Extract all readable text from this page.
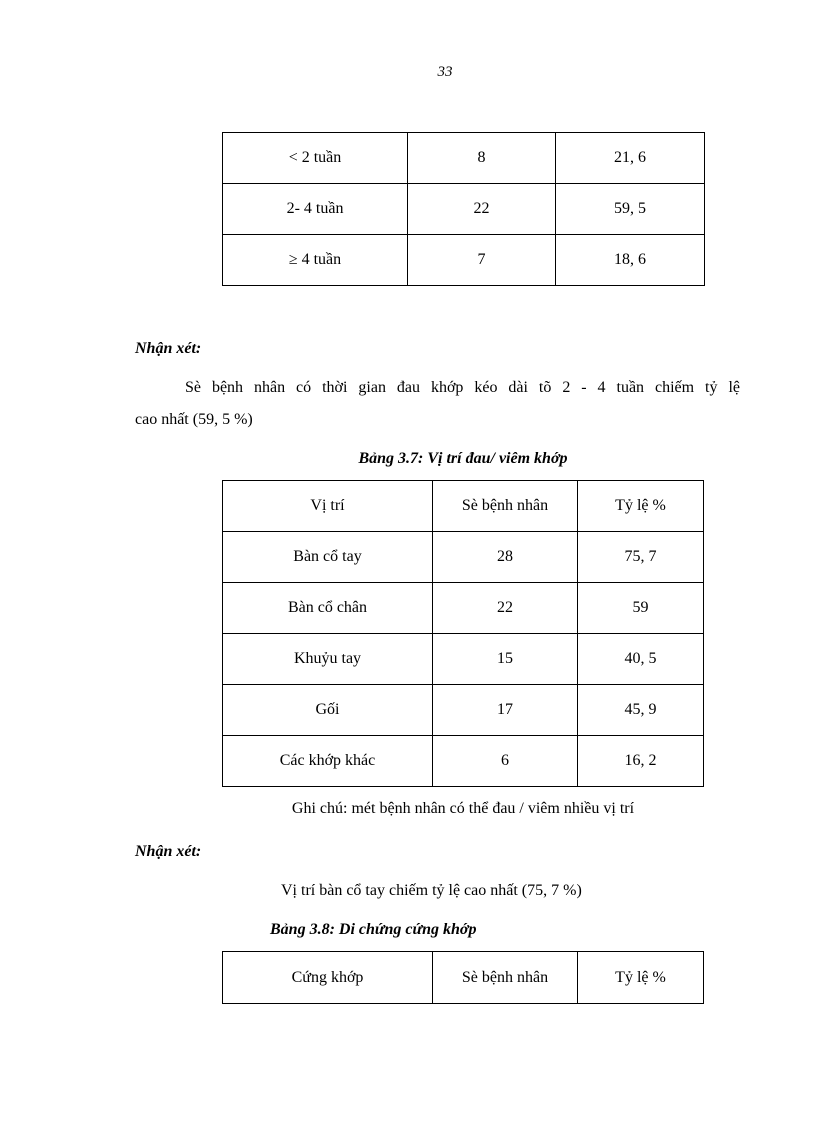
33
< 2 tuần	8	21, 6
2- 4 tuần	22	59, 5
≥ 4 tuần	7	18, 6
Nhận xét:
Sè bệnh nhân có thời gian đau khớp kéo dài tõ 2 - 4 tuần chiếm tỷ lệ
cao nhất (59, 5 %)
Bảng 3.7: Vị trí đau/ viêm khớp
Vị trí	Sè bệnh nhân	Tỷ lệ %
Bàn cổ tay	28	75, 7
Bàn cổ chân	22	59
Khuỷu tay	15	40, 5
Gối	17	45, 9
Các khớp khác	6	16, 2
Ghi chú: mét bệnh nhân có thể đau / viêm nhiều vị trí
Nhận xét:
Vị trí bàn cổ tay chiếm tỷ lệ cao nhất (75, 7 %)
Bảng 3.8: Di chứng cứng khớp
Cứng khớp	Sè bệnh nhân	Tỷ lệ %
